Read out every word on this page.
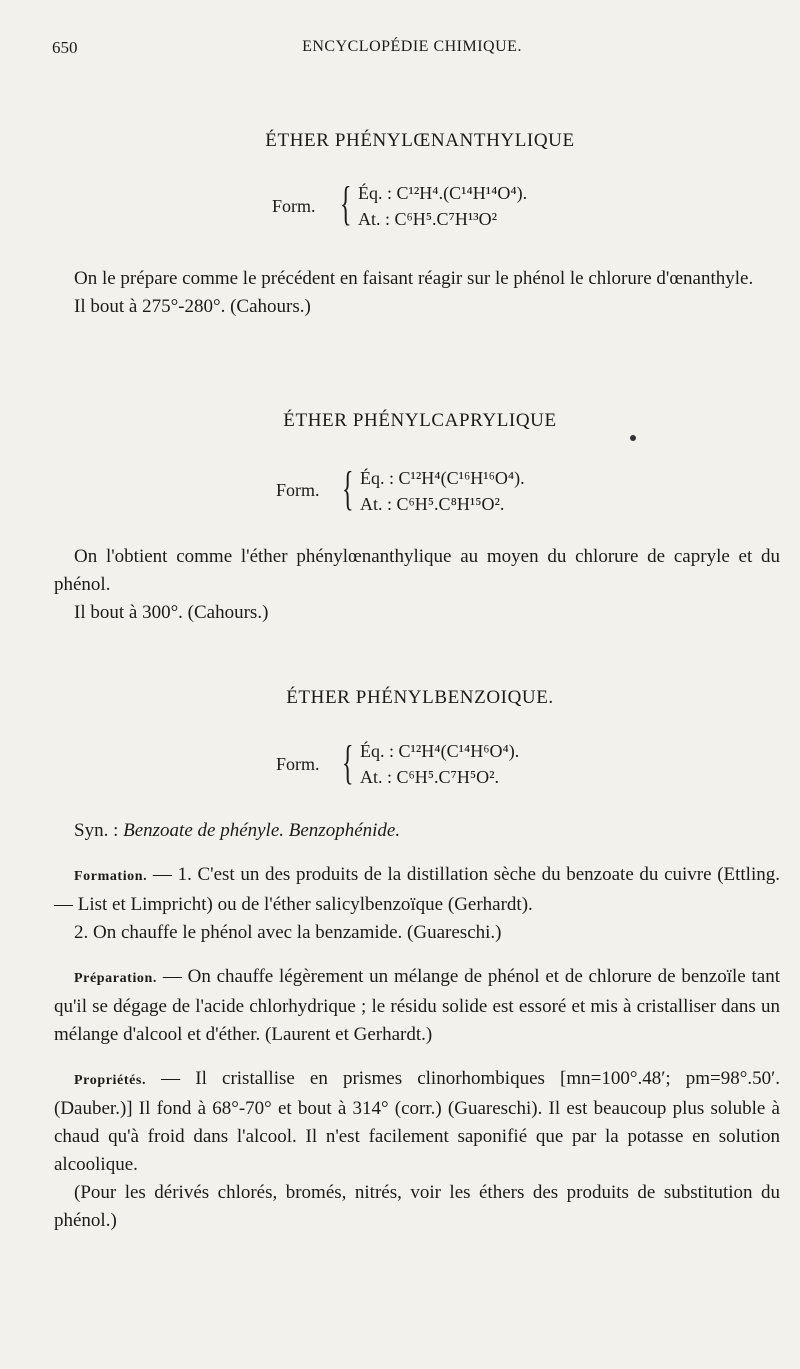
650	ENCYCLOPÉDIE CHIMIQUE.
ÉTHER PHÉNYLŒNANTHYLIQUE
Form. { Éq. : C¹²H⁴.(C¹⁴H¹⁴O⁴).
At. : C⁶H⁵.C⁷H¹³O²

On le prépare comme le précédent en faisant réagir sur le phénol le chlorure d'œnanthyle.

Il bout à 275°-280°. (Cahours.)

ÉTHER PHÉNYLCAPRYLIQUE
Form. { Éq. : C¹²H⁴(C¹⁶H¹⁶O⁴).
At. : C⁶H⁵.C⁸H¹⁵O².

On l'obtient comme l'éther phénylœnanthylique au moyen du chlorure de capryle et du phénol.

Il bout à 300°. (Cahours.)

ÉTHER PHÉNYLBENZOIQUE.
Form. { Éq. : C¹²H⁴(C¹⁴H⁶O⁴).
At. : C⁶H⁵.C⁷H⁵O².

Syn. : Benzoate de phényle. Benzophénide.

Formation. — 1. C'est un des produits de la distillation sèche du benzoate du cuivre (Ettling. — List et Limpricht) ou de l'éther salicylbenzoïque (Gerhardt).

2. On chauffe le phénol avec la benzamide. (Guareschi.)

Préparation. — On chauffe légèrement un mélange de phénol et de chlorure de benzoïle tant qu'il se dégage de l'acide chlorhydrique ; le résidu solide est essoré et mis à cristalliser dans un mélange d'alcool et d'éther. (Laurent et Gerhardt.)

Propriétés. — Il cristallise en prismes clinorhombiques [mn=100°.48′; pm=98°.50′. (Dauber.)] Il fond à 68°-70° et bout à 314° (corr.) (Guareschi). Il est beaucoup plus soluble à chaud qu'à froid dans l'alcool. Il n'est facilement saponifié que par la potasse en solution alcoolique.

(Pour les dérivés chlorés, bromés, nitrés, voir les éthers des produits de substitution du phénol.)
